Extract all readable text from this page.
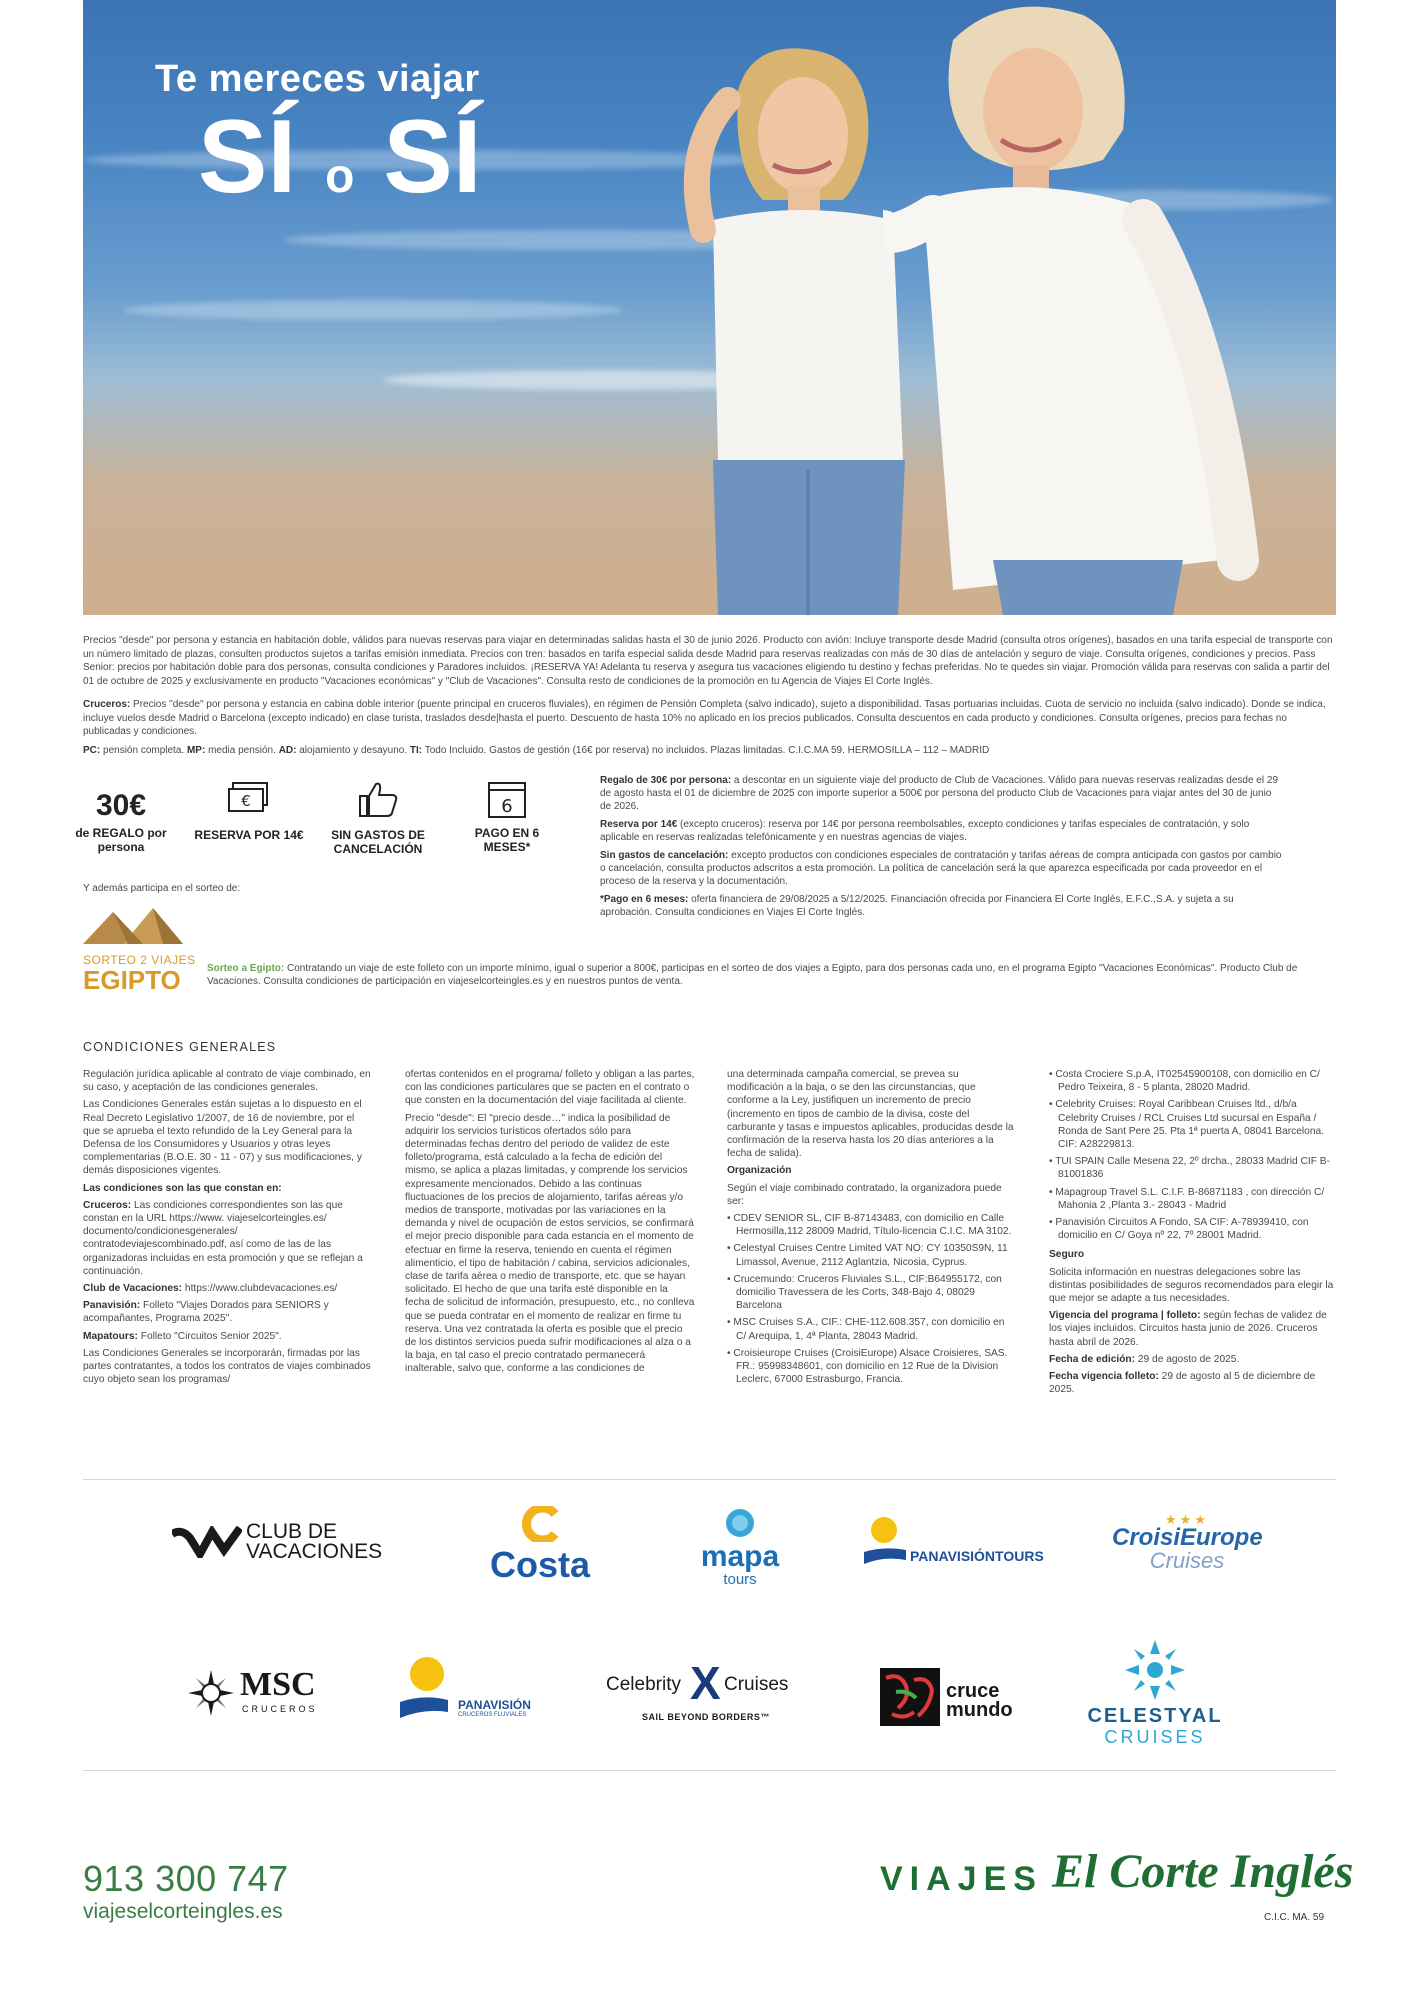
Te mereces viajar
SÍ o SÍ
Precios "desde" por persona y estancia en habitación doble, válidos para nuevas reservas para viajar en determinadas salidas hasta el 30 de junio 2026. Producto con avión: Incluye transporte desde Madrid (consulta otros orígenes), basados en una tarifa especial de transporte con un número limitado de plazas, consulten productos sujetos a tarifas emisión inmediata. Precios con tren: basados en tarifa especial salida desde Madrid para reservas realizadas con más de 30 días de antelación y seguro de viaje. Consulta orígenes, condiciones y precios. Pass Senior: precios por habitación doble para dos personas, consulta condiciones y Paradores incluidos. ¡RESERVA YA! Adelanta tu reserva y asegura tus vacaciones eligiendo tu destino y fechas preferidas. No te quedes sin viajar. Promoción válida para reservas con salida a partir del 01 de octubre de 2025 y exclusivamente en producto "Vacaciones económicas" y "Club de Vacaciones". Consulta resto de condiciones de la promoción en tu Agencia de Viajes El Corte Inglés.
Cruceros: Precios "desde" por persona y estancia en cabina doble interior (puente principal en cruceros fluviales), en régimen de Pensión Completa (salvo indicado), sujeto a disponibilidad. Tasas portuarias incluidas. Cuota de servicio no incluida (salvo indicado). Donde se indica, incluye vuelos desde Madrid o Barcelona (excepto indicado) en clase turista, traslados desde|hasta el puerto. Descuento de hasta 10% no aplicado en los precios publicados. Consulta descuentos en cada producto y condiciones. Consulta orígenes, precios para fechas no publicadas y condiciones.
PC: pensión completa. MP: media pensión. AD: alojamiento y desayuno. TI: Todo Incluido. Gastos de gestión (16€ por reserva) no incluidos. Plazas limitadas. C.I.C.MA 59. HERMOSILLA – 112 – MADRID
30€
de REGALO por persona
€
RESERVA POR 14€	SIN GASTOS DE CANCELACIÓN
6
PAGO EN 6 MESES*
Regalo de 30€ por persona: a descontar en un siguiente viaje del producto de Club de Vacaciones. Válido para nuevas reservas realizadas desde el 29 de agosto hasta el 01 de diciembre de 2025 con importe superior a 500€ por persona del producto Club de Vacaciones para viajar antes del 30 de junio de 2026.
Reserva por 14€ (excepto cruceros): reserva por 14€ por persona reembolsables, excepto condiciones y tarifas especiales de contratación, y solo aplicable en reservas realizadas telefónicamente y en nuestras agencias de viajes.
Sin gastos de cancelación: excepto productos con condiciones especiales de contratación y tarifas aéreas de compra anticipada con gastos por cambio o cancelación, consulta productos adscritos a esta promoción. La política de cancelación será la que aparezca especificada por cada proveedor en el proceso de la reserva y la documentación.
*Pago en 6 meses: oferta financiera de 29/08/2025 a 5/12/2025. Financiación ofrecida por Financiera El Corte Inglés, E.F.C.,S.A. y sujeta a su aprobación. Consulta condiciones en Viajes El Corte Inglés.
Y además participa en el sorteo de:
SORTEO 2 VIAJES
EGIPTO	Sorteo a Egipto: Contratando un viaje de este folleto con un importe mínimo, igual o superior a 800€, participas en el sorteo de dos viajes a Egipto, para dos personas cada uno, en el programa Egipto "Vacaciones Económicas". Producto Club de Vacaciones. Consulta condiciones de participación en viajeselcorteingles.es y en nuestros puntos de venta.
CONDICIONES GENERALES

Regulación jurídica aplicable al contrato de viaje combinado, en su caso, y aceptación de las condiciones generales.

Las Condiciones Generales están sujetas a lo dispuesto en el Real Decreto Legislativo 1/2007, de 16 de noviembre, por el que se aprueba el texto refundido de la Ley General para la Defensa de los Consumidores y Usuarios y otras leyes complementarias (B.O.E. 30 - 11 - 07) y sus modificaciones, y demás disposiciones vigentes.

Las condiciones son las que constan en:

Cruceros: Las condiciones correspondientes son las que constan en la URL https://www. viajeselcorteingles.es/ documento/condicionesgenerales/ contratodeviajescombinado.pdf, así como de las de las organizadoras incluidas en esta promoción y que se reflejan a continuación.

Club de Vacaciones: https://www.clubdevacaciones.es/

Panavisión: Folleto "Viajes Dorados para SENIORS y acompañantes, Programa 2025".

Mapatours: Folleto "Circuitos Senior 2025".

Las Condiciones Generales se incorporarán, firmadas por las partes contratantes, a todos los contratos de viajes combinados cuyo objeto sean los programas/

ofertas contenidos en el programa/ folleto y obligan a las partes, con las condiciones particulares que se pacten en el contrato o que consten en la documentación del viaje facilitada al cliente.

Precio "desde": El "precio desde…" indica la posibilidad de adquirir los servicios turísticos ofertados sólo para determinadas fechas dentro del periodo de validez de este folleto/programa, está calculado a la fecha de edición del mismo, se aplica a plazas limitadas, y comprende los servicios expresamente mencionados. Debido a las continuas fluctuaciones de los precios de alojamiento, tarifas aéreas y/o medios de transporte, motivadas por las variaciones en la demanda y nivel de ocupación de estos servicios, se confirmará el mejor precio disponible para cada estancia en el momento de efectuar en firme la reserva, teniendo en cuenta el régimen alimenticio, el tipo de habitación / cabina, servicios adicionales, clase de tarifa aérea o medio de transporte, etc. que se hayan solicitado. El hecho de que una tarifa esté disponible en la fecha de solicitud de información, presupuesto, etc., no conlleva que se pueda contratar en el momento de realizar en firme tu reserva. Una vez contratada la oferta es posible que el precio de los distintos servicios pueda sufrir modificaciones al alza o a la baja, en tal caso el precio contratado permanecerá inalterable, salvo que, conforme a las condiciones de

una determinada campaña comercial, se prevea su modificación a la baja, o se den las circunstancias, que conforme a la Ley, justifiquen un incremento de precio (incremento en tipos de cambio de la divisa, coste del carburante y tasas e impuestos aplicables, producidas desde la confirmación de la reserva hasta los 20 días anteriores a la fecha de salida).

Organización

Según el viaje combinado contratado, la organizadora puede ser:

• CDEV SENIOR SL, CIF B-87143483, con domicilio en Calle Hermosilla,112 28009 Madrid, Título-licencia C.I.C. MA 3102.
• Celestyal Cruises Centre Limited VAT NO: CY 10350S9N, 11 Limassol, Avenue, 2112 Aglantzia, Nicosia, Cyprus.
• Crucemundo: Cruceros Fluviales S.L., CIF:B64955172, con domicilio Travessera de les Corts, 348-Bajo 4, 08029 Barcelona
• MSC Cruises S.A., CIF.: CHE-112.608.357, con domicilio en C/ Arequipa, 1, 4ª Planta, 28043 Madrid.
• Croisieurope Cruises (CroisiEurope) Alsace Croisieres, SAS. FR.: 95998348601, con domicilio en 12 Rue de la Division Leclerc, 67000 Estrasburgo, Francia.
• Costa Crociere S.p.A, IT02545900108, con domicilio en C/ Pedro Teixeira, 8 - 5 planta, 28020 Madrid.
• Celebrity Cruises: Royal Caribbean Cruises ltd., d/b/a Celebrity Cruises / RCL Cruises Ltd sucursal en España / Ronda de Sant Pere 25. Pta 1ª puerta A, 08041 Barcelona. CIF: A28229813.
• TUI SPAIN Calle Mesena 22, 2º drcha., 28033 Madrid CIF B-81001836
• Mapagroup Travel S.L. C.I.F. B-86871183 , con dirección C/ Mahonia 2 ,Planta 3.- 28043 - Madrid
• Panavisión Circuitos A Fondo, SA CIF: A-78939410, con domicilio en C/ Goya nº 22, 7º 28001 Madrid.

Seguro

Solicita información en nuestras delegaciones sobre las distintas posibilidades de seguros recomendados para elegir la que mejor se adapte a tus necesidades.

Vigencia del programa | folleto: según fechas de validez de los viajes incluidos. Circuitos hasta junio de 2026. Cruceros hasta abril de 2026.

Fecha de edición: 29 de agosto de 2025.

Fecha vigencia folleto: 29 de agosto al 5 de diciembre de 2025.

CLUB DE
VACACIONES	Costa	mapa
tours
PANAVISIÓNTOURS
★★★
CroisiEurope
Cruises
MSC
CRUCEROS	PANAVISIÓN
CRUCEROS FLUVIALES
Celebrity X Cruises
SAIL BEYOND BORDERS™
cruce
mundo	CELESTYAL
CRUISES
913 300 747
viajeselcorteingles.es
VIAJES El Corte Inglés
C.I.C. MA. 59
